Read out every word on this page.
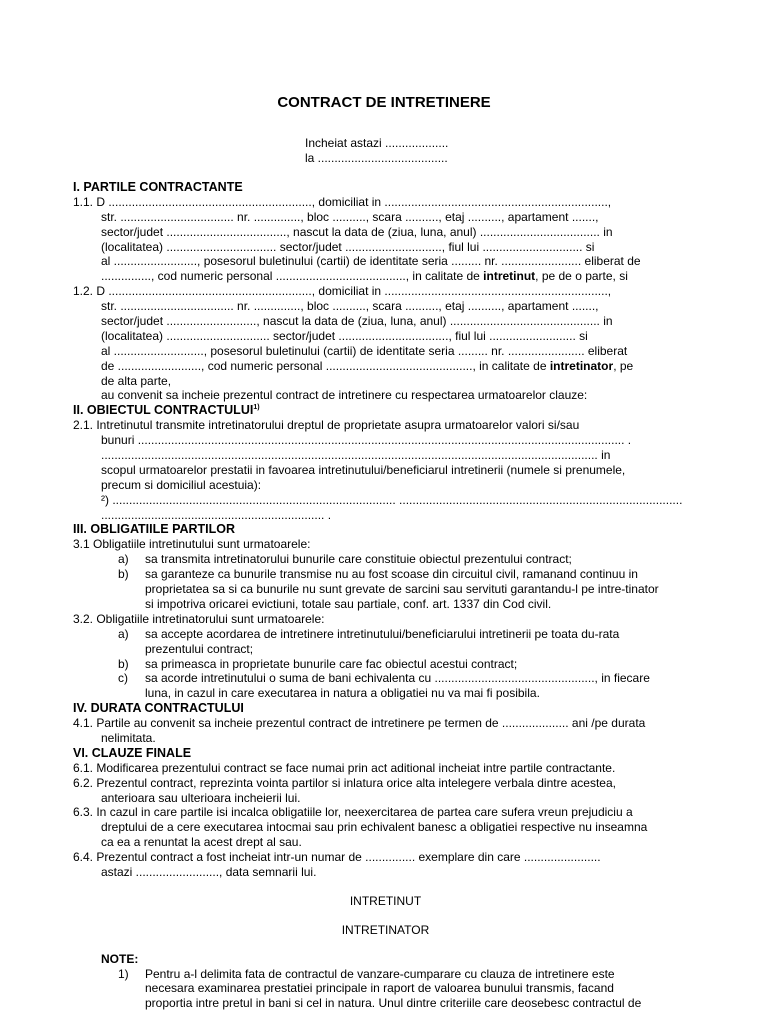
CONTRACT DE INTRETINERE
Incheiat astazi ...................
la .......................................
I. PARTILE CONTRACTANTE
1.1. D ............................................................., domiciliat in ...................................................................,
str. .................................. nr. .............., bloc .........., scara .........., etaj .........., apartament .......,
sector/judet ...................................., nascut la data de (ziua, luna, anul) .................................... in
(localitatea) ................................. sector/judet ............................., fiul lui .............................. si
al ........................., posesorul buletinului (cartii) de identitate seria ......... nr. ........................ eliberat de
..............., cod numeric personal ......................................., in calitate de intretinut, pe de o parte, si
1.2. D ............................................................., domiciliat in ...................................................................,
str. .................................. nr. .............., bloc .........., scara .........., etaj .........., apartament .......,
sector/judet ..........................., nascut la data de (ziua, luna, anul) ............................................. in
(localitatea) ............................... sector/judet ................................., fiul lui .......................... si
al ..........................., posesorul buletinului (cartii) de identitate seria ......... nr. ....................... eliberat
de ........................., cod numeric personal ............................................, in calitate de intretinator, pe
de alta parte,
au convenit sa incheie prezentul contract de intretinere cu respectarea urmatoarelor clauze:
II. OBIECTUL CONTRACTULUI$^{1)}$
2.1. Intretinutul transmite intretinatorului dreptul de proprietate asupra urmatoarelor valori si/sau
bunuri .................................................................................................................................................. .
..................................................................................................................................................... in
scopul urmatoarelor prestatii in favoarea intretinutului/beneficiarul intretinerii (numele si prenumele,
precum si domiciliul acestuia):
²) ..................................................................................... .....................................................................................
................................................................... .
III. OBLIGATIILE PARTILOR
3.1 Obligatiile intretinutului sunt urmatoarele:
a) sa transmita intretinatorului bunurile care constituie obiectul prezentului contract;
b) sa garanteze ca bunurile transmise nu au fost scoase din circuitul civil, ramanand continuu in
proprietatea sa si ca bunurile nu sunt grevate de sarcini sau servituti garantandu-l pe intre-tinator
si impotriva oricarei evictiuni, totale sau partiale, conf. art. 1337 din Cod civil.
3.2. Obligatiile intretinatorului sunt urmatoarele:
a) sa accepte acordarea de intretinere intretinutului/beneficiarului intretinerii pe toata du-rata
prezentului contract;
b) sa primeasca in proprietate bunurile care fac obiectul acestui contract;
c) sa acorde intretinutului o suma de bani echivalenta cu ................................................, in fiecare
luna, in cazul in care executarea in natura a obligatiei nu va mai fi posibila.
IV. DURATA CONTRACTULUI
4.1. Partile au convenit sa incheie prezentul contract de intretinere pe termen de .................... ani /pe durata
nelimitata.
VI. CLAUZE FINALE
6.1. Modificarea prezentului contract se face numai prin act aditional incheiat intre partile contractante.
6.2. Prezentul contract, reprezinta vointa partilor si inlatura orice alta intelegere verbala dintre acestea,
anterioara sau ulterioara incheierii lui.
6.3. In cazul in care partile isi incalca obligatiile lor, neexercitarea de partea care sufera vreun prejudiciu a
dreptului de a cere executarea intocmai sau prin echivalent banesc a obligatiei respective nu inseamna
ca ea a renuntat la acest drept al sau.
6.4. Prezentul contract a fost incheiat intr-un numar de ............... exemplare din care .......................
astazi ........................., data semnarii lui.
INTRETINUT
INTRETINATOR
NOTE:
1) Pentru a-l delimita fata de contractul de vanzare-cumparare cu clauza de intretinere este
necesara examinarea prestatiei principale in raport de valoarea bunului transmis, facand
proportia intre pretul in bani si cel in natura. Unul dintre criteriile care deosebesc contractul de
